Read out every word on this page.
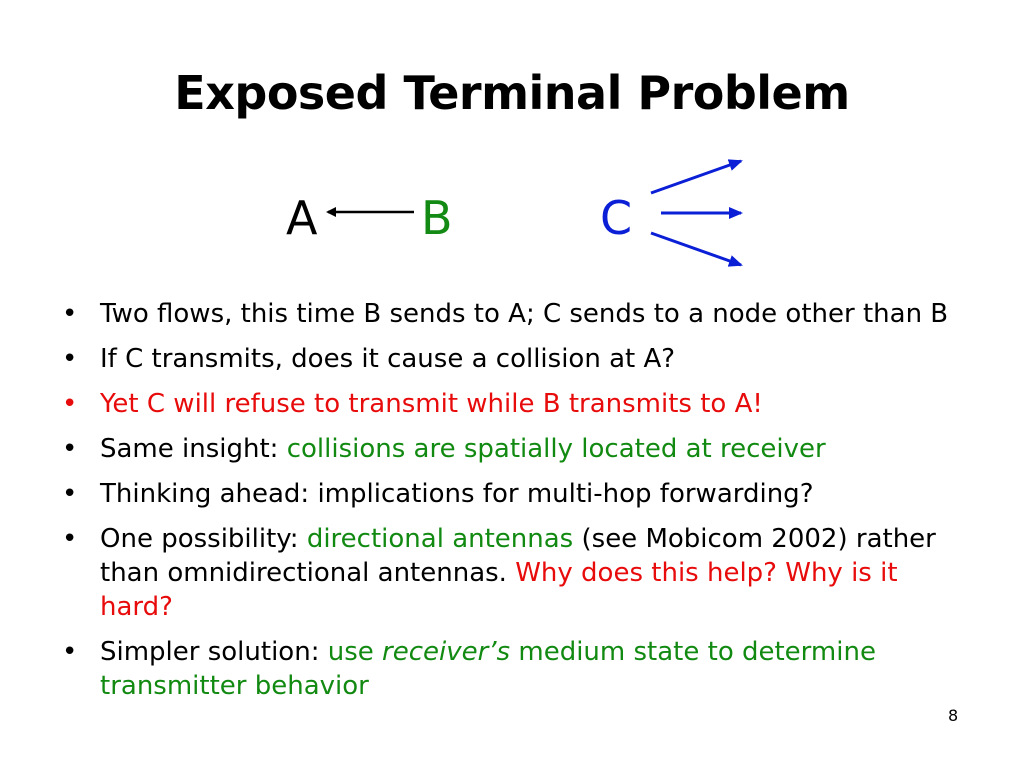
Exposed Terminal Problem
A B	C
• Two flows, this time B sends to A; C sends to a node other than B
• If C transmits, does it cause a collision at A?
• Yet C will refuse to transmit while B transmits to A!
• Same insight: collisions are spatially located at receiver
• Thinking ahead: implications for multi-hop forwarding?
• One possibility: directional antennas (see Mobicom 2002) rather than omnidirectional antennas. Why does this help? Why is it hard?
• Simpler solution: use receiver’s medium state to determine transmitter behavior
8
